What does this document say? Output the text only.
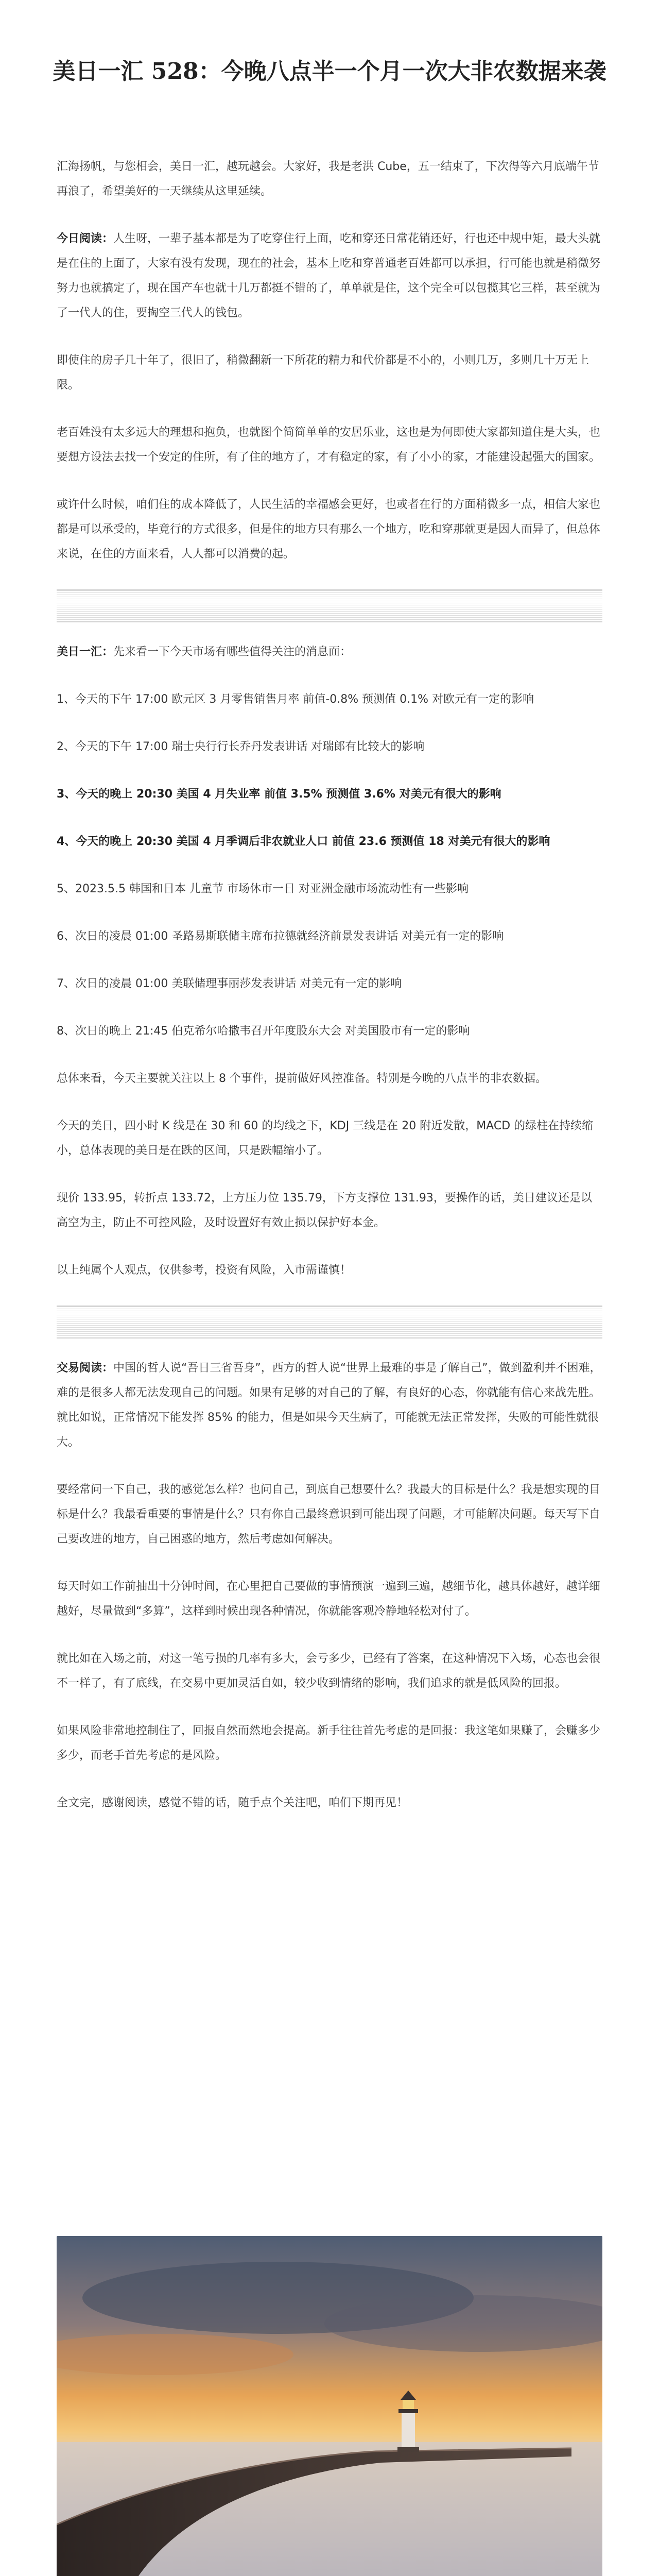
美日一汇 528：今晚八点半一个月一次大非农数据来袭

汇海扬帆，与您相会，美日一汇，越玩越会。大家好，我是老洪 Cube，五一结束了，下次得等六月底端午节再浪了，希望美好的一天继续从这里延续。

今日阅读：人生呀，一辈子基本都是为了吃穿住行上面，吃和穿还日常花销还好，行也还中规中矩，最大头就是在住的上面了，大家有没有发现，现在的社会，基本上吃和穿普通老百姓都可以承担，行可能也就是稍微努努力也就搞定了，现在国产车也就十几万都挺不错的了，单单就是住，这个完全可以包揽其它三样，甚至就为了一代人的住，要掏空三代人的钱包。

即使住的房子几十年了，很旧了，稍微翻新一下所花的精力和代价都是不小的，小则几万，多则几十万无上限。

老百姓没有太多远大的理想和抱负，也就图个简简单单的安居乐业，这也是为何即使大家都知道住是大头，也要想方设法去找一个安定的住所，有了住的地方了，才有稳定的家，有了小小的家，才能建设起强大的国家。

或许什么时候，咱们住的成本降低了，人民生活的幸福感会更好，也或者在行的方面稍微多一点，相信大家也都是可以承受的，毕竟行的方式很多，但是住的地方只有那么一个地方，吃和穿那就更是因人而异了，但总体来说，在住的方面来看，人人都可以消费的起。

美日一汇：先来看一下今天市场有哪些值得关注的消息面：

1、今天的下午 17:00 欧元区 3 月零售销售月率 前值-0.8% 预测值 0.1% 对欧元有一定的影响

2、今天的下午 17:00 瑞士央行行长乔丹发表讲话 对瑞郎有比较大的影响

3、今天的晚上 20:30 美国 4 月失业率 前值 3.5% 预测值 3.6% 对美元有很大的影响

4、今天的晚上 20:30 美国 4 月季调后非农就业人口 前值 23.6 预测值 18 对美元有很大的影响

5、2023.5.5 韩国和日本 儿童节 市场休市一日 对亚洲金融市场流动性有一些影响

6、次日的凌晨 01:00 圣路易斯联储主席布拉德就经济前景发表讲话 对美元有一定的影响

7、次日的凌晨 01:00 美联储理事丽莎发表讲话 对美元有一定的影响

8、次日的晚上 21:45 伯克希尔哈撒韦召开年度股东大会 对美国股市有一定的影响

总体来看，今天主要就关注以上 8 个事件，提前做好风控准备。特别是今晚的八点半的非农数据。

今天的美日，四小时 K 线是在 30 和 60 的均线之下，KDJ 三线是在 20 附近发散，MACD 的绿柱在持续缩小，总体表现的美日是在跌的区间，只是跌幅缩小了。

现价 133.95，转折点 133.72，上方压力位 135.79，下方支撑位 131.93，要操作的话，美日建议还是以高空为主，防止不可控风险，及时设置好有效止损以保护好本金。

以上纯属个人观点，仅供参考，投资有风险，入市需谨慎！

交易阅读：中国的哲人说“吾日三省吾身”，西方的哲人说“世界上最难的事是了解自己”，做到盈利并不困难，难的是很多人都无法发现自己的问题。如果有足够的对自己的了解，有良好的心态，你就能有信心来战先胜。就比如说，正常情况下能发挥 85% 的能力，但是如果今天生病了，可能就无法正常发挥，失败的可能性就很大。

要经常问一下自己，我的感觉怎么样？也问自己，到底自己想要什么？我最大的目标是什么？我是想实现的目标是什么？我最看重要的事情是什么？只有你自己最终意识到可能出现了问题，才可能解决问题。每天写下自己要改进的地方，自己困惑的地方，然后考虑如何解决。

每天时如工作前抽出十分钟时间，在心里把自己要做的事情预演一遍到三遍，越细节化，越具体越好，越详细越好，尽量做到“多算”，这样到时候出现各种情况，你就能客观冷静地轻松对付了。

就比如在入场之前，对这一笔亏损的几率有多大，会亏多少，已经有了答案，在这种情况下入场，心态也会很不一样了，有了底线，在交易中更加灵活自如，较少收到情绪的影响，我们追求的就是低风险的回报。

如果风险非常地控制住了，回报自然而然地会提高。新手往往首先考虑的是回报：我这笔如果赚了，会赚多少多少，而老手首先考虑的是风险。

全文完，感谢阅读，感觉不错的话，随手点个关注吧，咱们下期再见！
